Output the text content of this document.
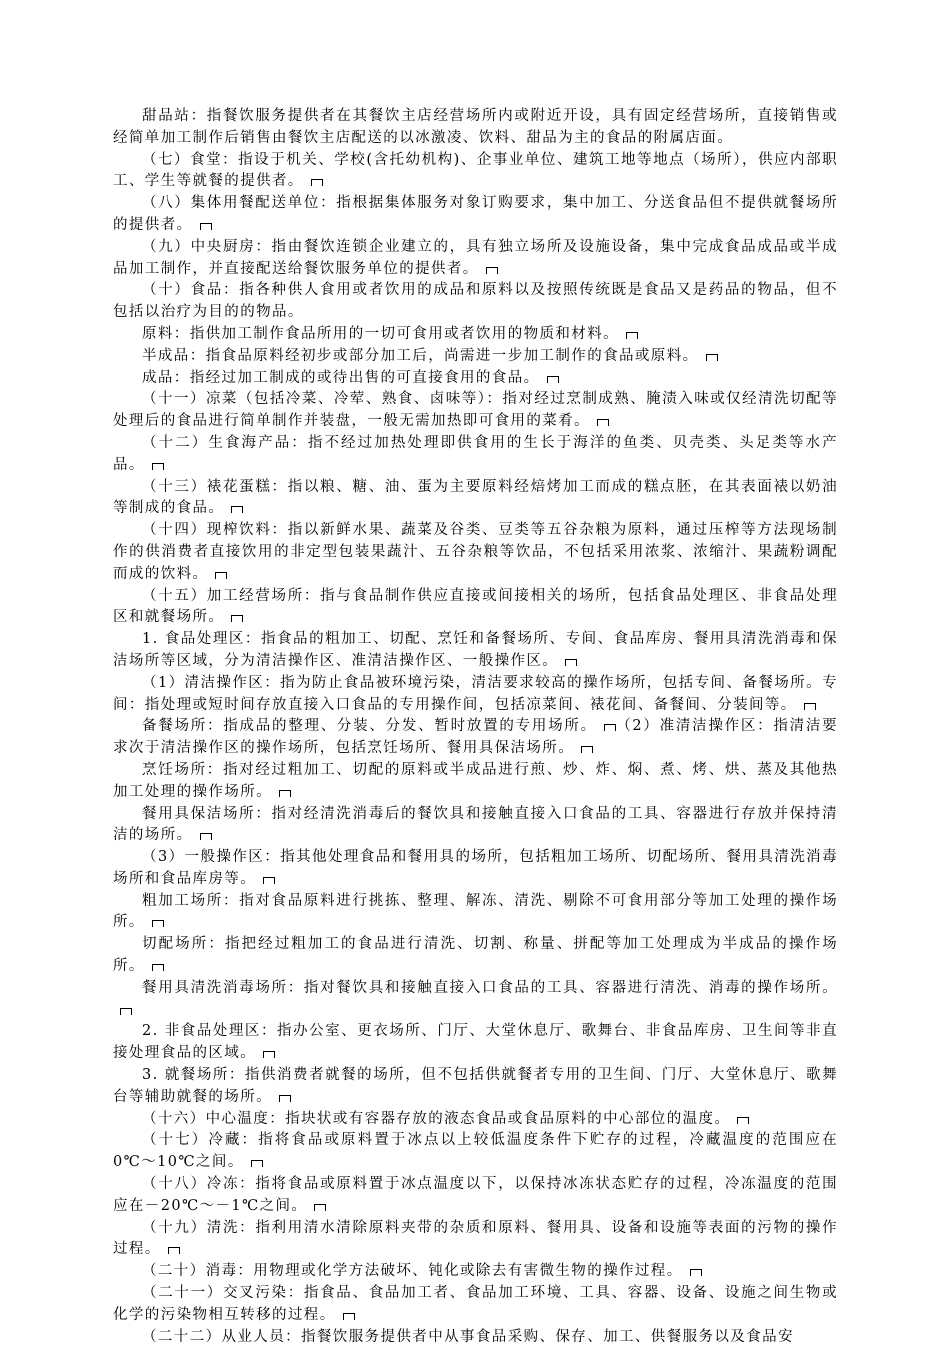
甜品站：指餐饮服务提供者在其餐饮主店经营场所内或附近开设，具有固定经营场所，直接销售或经简单加工制作后销售由餐饮主店配送的以冰激凌、饮料、甜品为主的食品的附属店面。

（七）食堂：指设于机关、学校(含托幼机构)、企事业单位、建筑工地等地点（场所），供应内部职工、学生等就餐的提供者。

（八）集体用餐配送单位：指根据集体服务对象订购要求，集中加工、分送食品但不提供就餐场所的提供者。

（九）中央厨房：指由餐饮连锁企业建立的，具有独立场所及设施设备，集中完成食品成品或半成品加工制作，并直接配送给餐饮服务单位的提供者。

（十）食品：指各种供人食用或者饮用的成品和原料以及按照传统既是食品又是药品的物品，但不包括以治疗为目的的物品。

原料：指供加工制作食品所用的一切可食用或者饮用的物质和材料。

半成品：指食品原料经初步或部分加工后，尚需进一步加工制作的食品或原料。

成品：指经过加工制成的或待出售的可直接食用的食品。

（十一）凉菜（包括冷菜、冷荤、熟食、卤味等）：指对经过烹制成熟、腌渍入味或仅经清洗切配等处理后的食品进行简单制作并装盘，一般无需加热即可食用的菜肴。

（十二）生食海产品：指不经过加热处理即供食用的生长于海洋的鱼类、贝壳类、头足类等水产品。

（十三）裱花蛋糕：指以粮、糖、油、蛋为主要原料经焙烤加工而成的糕点胚，在其表面裱以奶油等制成的食品。

（十四）现榨饮料：指以新鲜水果、蔬菜及谷类、豆类等五谷杂粮为原料，通过压榨等方法现场制作的供消费者直接饮用的非定型包装果蔬汁、五谷杂粮等饮品，不包括采用浓浆、浓缩汁、果蔬粉调配而成的饮料。

（十五）加工经营场所：指与食品制作供应直接或间接相关的场所，包括食品处理区、非食品处理区和就餐场所。

1. 食品处理区：指食品的粗加工、切配、烹饪和备餐场所、专间、食品库房、餐用具清洗消毒和保洁场所等区域，分为清洁操作区、准清洁操作区、一般操作区。

（1）清洁操作区：指为防止食品被环境污染，清洁要求较高的操作场所，包括专间、备餐场所。专间：指处理或短时间存放直接入口食品的专用操作间，包括凉菜间、裱花间、备餐间、分装间等。

备餐场所：指成品的整理、分装、分发、暂时放置的专用场所。 （2）准清洁操作区：指清洁要求次于清洁操作区的操作场所，包括烹饪场所、餐用具保洁场所。

烹饪场所：指对经过粗加工、切配的原料或半成品进行煎、炒、炸、焖、煮、烤、烘、蒸及其他热加工处理的操作场所。

餐用具保洁场所：指对经清洗消毒后的餐饮具和接触直接入口食品的工具、容器进行存放并保持清洁的场所。

（3）一般操作区：指其他处理食品和餐用具的场所，包括粗加工场所、切配场所、餐用具清洗消毒场所和食品库房等。

粗加工场所：指对食品原料进行挑拣、整理、解冻、清洗、剔除不可食用部分等加工处理的操作场所。

切配场所：指把经过粗加工的食品进行清洗、切割、称量、拼配等加工处理成为半成品的操作场所。

餐用具清洗消毒场所：指对餐饮具和接触直接入口食品的工具、容器进行清洗、消毒的操作场所。

2. 非食品处理区：指办公室、更衣场所、门厅、大堂休息厅、歌舞台、非食品库房、卫生间等非直接处理食品的区域。

3. 就餐场所：指供消费者就餐的场所，但不包括供就餐者专用的卫生间、门厅、大堂休息厅、歌舞台等辅助就餐的场所。

（十六）中心温度：指块状或有容器存放的液态食品或食品原料的中心部位的温度。

（十七）冷藏：指将食品或原料置于冰点以上较低温度条件下贮存的过程，冷藏温度的范围应在 0℃～10℃之间。

（十八）冷冻：指将食品或原料置于冰点温度以下，以保持冰冻状态贮存的过程，冷冻温度的范围应在－20℃～－1℃之间。

（十九）清洗：指利用清水清除原料夹带的杂质和原料、餐用具、设备和设施等表面的污物的操作过程。

（二十）消毒：用物理或化学方法破坏、钝化或除去有害微生物的操作过程。

（二十一）交叉污染：指食品、食品加工者、食品加工环境、工具、容器、设备、设施之间生物或化学的污染物相互转移的过程。

（二十二）从业人员：指餐饮服务提供者中从事食品采购、保存、加工、供餐服务以及食品安
